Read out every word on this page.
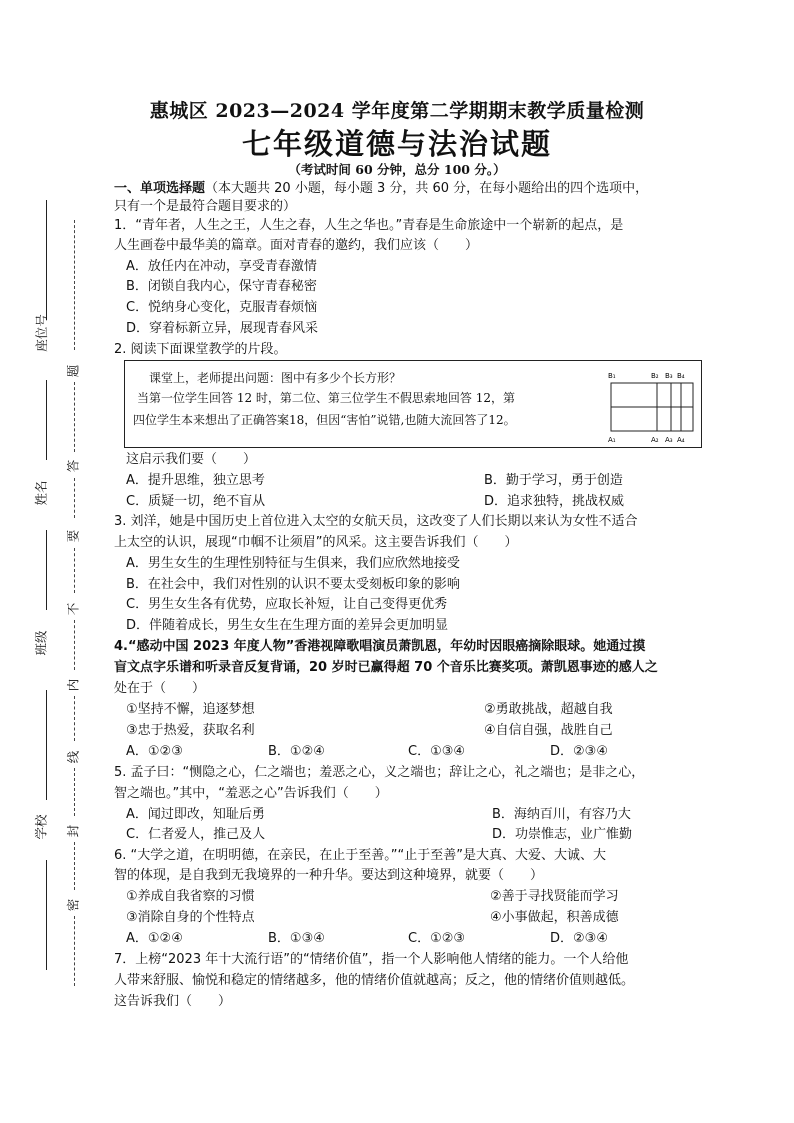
座位号
姓名
班级
学校
题
答
要
不
内
线
封
密
惠城区 2023—2024 学年度第二学期期末教学质量检测
七年级道德与法治试题
（考试时间 60 分钟，总分 100 分。）
一、单项选择题（本大题共 20 小题，每小题 3 分，共 60 分，在每小题给出的四个选项中，
只有一个是最符合题目要求的）
1．“青年者，人生之王，人生之春，人生之华也。”青春是生命旅途中一个崭新的起点，是
人生画卷中最华美的篇章。面对青春的邀约，我们应该（　　）
A．放任内在冲动，享受青春激情
B．闭锁自我内心，保守青春秘密
C．悦纳身心变化，克服青春烦恼
D．穿着标新立异，展现青春风采
2. 阅读下面课堂教学的片段。
课堂上，老师提出问题：图中有多少个长方形？
当第一位学生回答 12 时，第二位、第三位学生不假思索地回答 12，第
四位学生本来想出了正确答案18，但因“害怕”说错,也随大流回答了12。
B₁	B₂ B₃ B₄
A₁	A₂ A₃ A₄
这启示我们要（　　）
A．提升思维，独立思考	B．勤于学习，勇于创造
C．质疑一切，绝不盲从	D．追求独特，挑战权威
3. 刘洋，她是中国历史上首位进入太空的女航天员，这改变了人们长期以来认为女性不适合
上太空的认识，展现“巾帼不让须眉”的风采。这主要告诉我们（　　）
A．男生女生的生理性别特征与生俱来，我们应欣然地接受
B．在社会中，我们对性别的认识不要太受刻板印象的影响
C．男生女生各有优势，应取长补短，让自己变得更优秀
D．伴随着成长，男生女生在生理方面的差异会更加明显
4.“感动中国 2023 年度人物”香港视障歌唱演员萧凯恩，年幼时因眼癌摘除眼球。她通过摸
盲文点字乐谱和听录音反复背诵，20 岁时已赢得超 70 个音乐比赛奖项。萧凯恩事迹的感人之
处在于（　　）
①坚持不懈，追逐梦想	②勇敢挑战，超越自我
③忠于热爱，获取名利	④自信自强，战胜自己
A．①②③	B．①②④	C．①③④	D．②③④
5. 孟子曰：“恻隐之心，仁之端也；羞恶之心，义之端也；辞让之心，礼之端也；是非之心，
智之端也。”其中，“羞恶之心”告诉我们（　　）
A．闻过即改，知耻后勇	B．海纳百川，有容乃大
C．仁者爱人，推己及人	D．功崇惟志，业广惟勤
6. “大学之道，在明明德，在亲民，在止于至善。”“止于至善”是大真、大爱、大诚、大
智的体现，是自我到无我境界的一种升华。要达到这种境界，就要（　　）
①养成自我省察的习惯	②善于寻找贤能而学习
③消除自身的个性特点	④小事做起，积善成德
A．①②④	B．①③④	C．①②③	D．②③④
7．上榜“2023 年十大流行语”的“情绪价值”，指一个人影响他人情绪的能力。一个人给他
人带来舒服、愉悦和稳定的情绪越多，他的情绪价值就越高；反之，他的情绪价值则越低。
这告诉我们（　　）
